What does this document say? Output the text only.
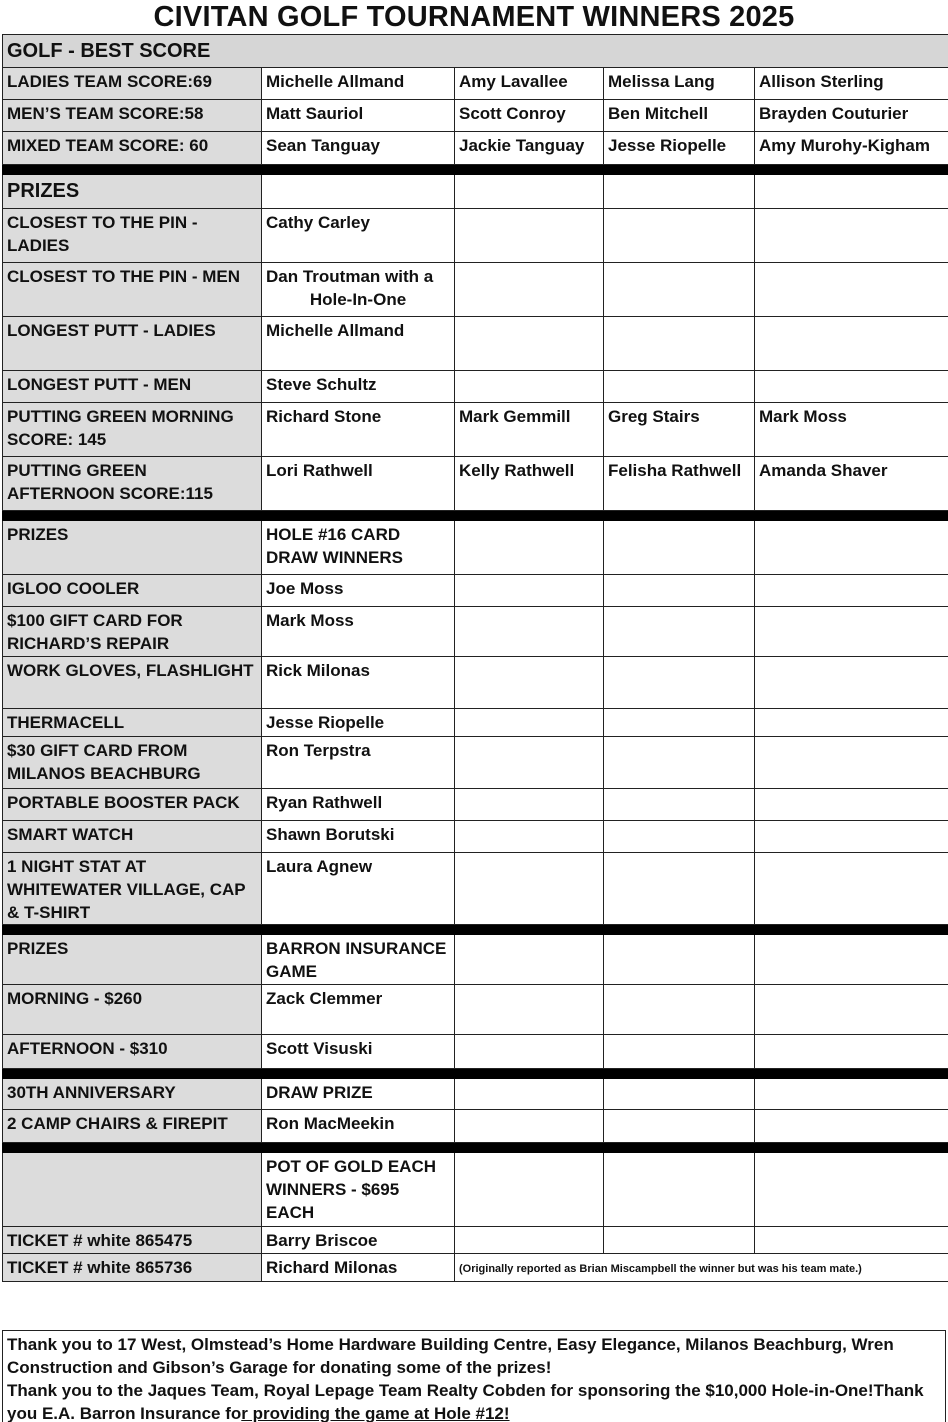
CIVITAN GOLF TOURNAMENT WINNERS 2025
GOLF - BEST SCORE				
LADIES TEAM SCORE:69	Michelle Allmand	Amy Lavallee	Melissa Lang	Allison Sterling
MEN’S TEAM SCORE:58	Matt Sauriol	Scott Conroy	Ben Mitchell	Brayden Couturier
MIXED TEAM SCORE: 60	Sean Tanguay	Jackie Tanguay	Jesse Riopelle	Amy Murohy-Kigham

PRIZES				
CLOSEST TO THE PIN - LADIES	Cathy Carley			
CLOSEST TO THE PIN - MEN	Dan Troutman with a
Hole-In-One			

LONGEST PUTT - LADIES	Michelle Allmand			
LONGEST PUTT - MEN	Steve Schultz			
PUTTING GREEN MORNING SCORE: 145	Richard Stone	Mark Gemmill	Greg Stairs	Mark Moss
PUTTING GREEN AFTERNOON SCORE:115	Lori Rathwell	Kelly Rathwell	Felisha Rathwell	Amanda Shaver

PRIZES	HOLE #16 CARD DRAW WINNERS			
IGLOO COOLER	Joe Moss			
$100 GIFT CARD FOR RICHARD’S REPAIR	Mark Moss			
WORK GLOVES, FLASHLIGHT	Rick Milonas			
THERMACELL	Jesse Riopelle			
$30 GIFT CARD FROM MILANOS BEACHBURG	Ron Terpstra			
PORTABLE BOOSTER PACK	Ryan Rathwell			
SMART WATCH	Shawn Borutski			
1 NIGHT STAT AT WHITEWATER VILLAGE, CAP & T-SHIRT	Laura Agnew			

PRIZES	BARRON INSURANCE GAME			
MORNING - $260	Zack Clemmer			
AFTERNOON - $310	Scott Visuski			

30TH ANNIVERSARY	DRAW PRIZE			
2 CAMP CHAIRS & FIREPIT	Ron MacMeekin			

	POT OF GOLD EACH WINNERS - $695 EACH			
TICKET # white 865475	Barry Briscoe			
TICKET # white 865736	Richard Milonas	(Originally reported as Brian Miscampbell the winner but was his team mate.)		

Thank you to 17 West, Olmstead’s Home Hardware Building Centre, Easy Elegance, Milanos Beachburg, Wren Construction and Gibson’s Garage for donating some of the prizes!

Thank you to the Jaques Team, Royal Lepage Team Realty Cobden for sponsoring the $10,000 Hole-in-One!Thank you E.A. Barron Insurance for providing the game at Hole #12!
